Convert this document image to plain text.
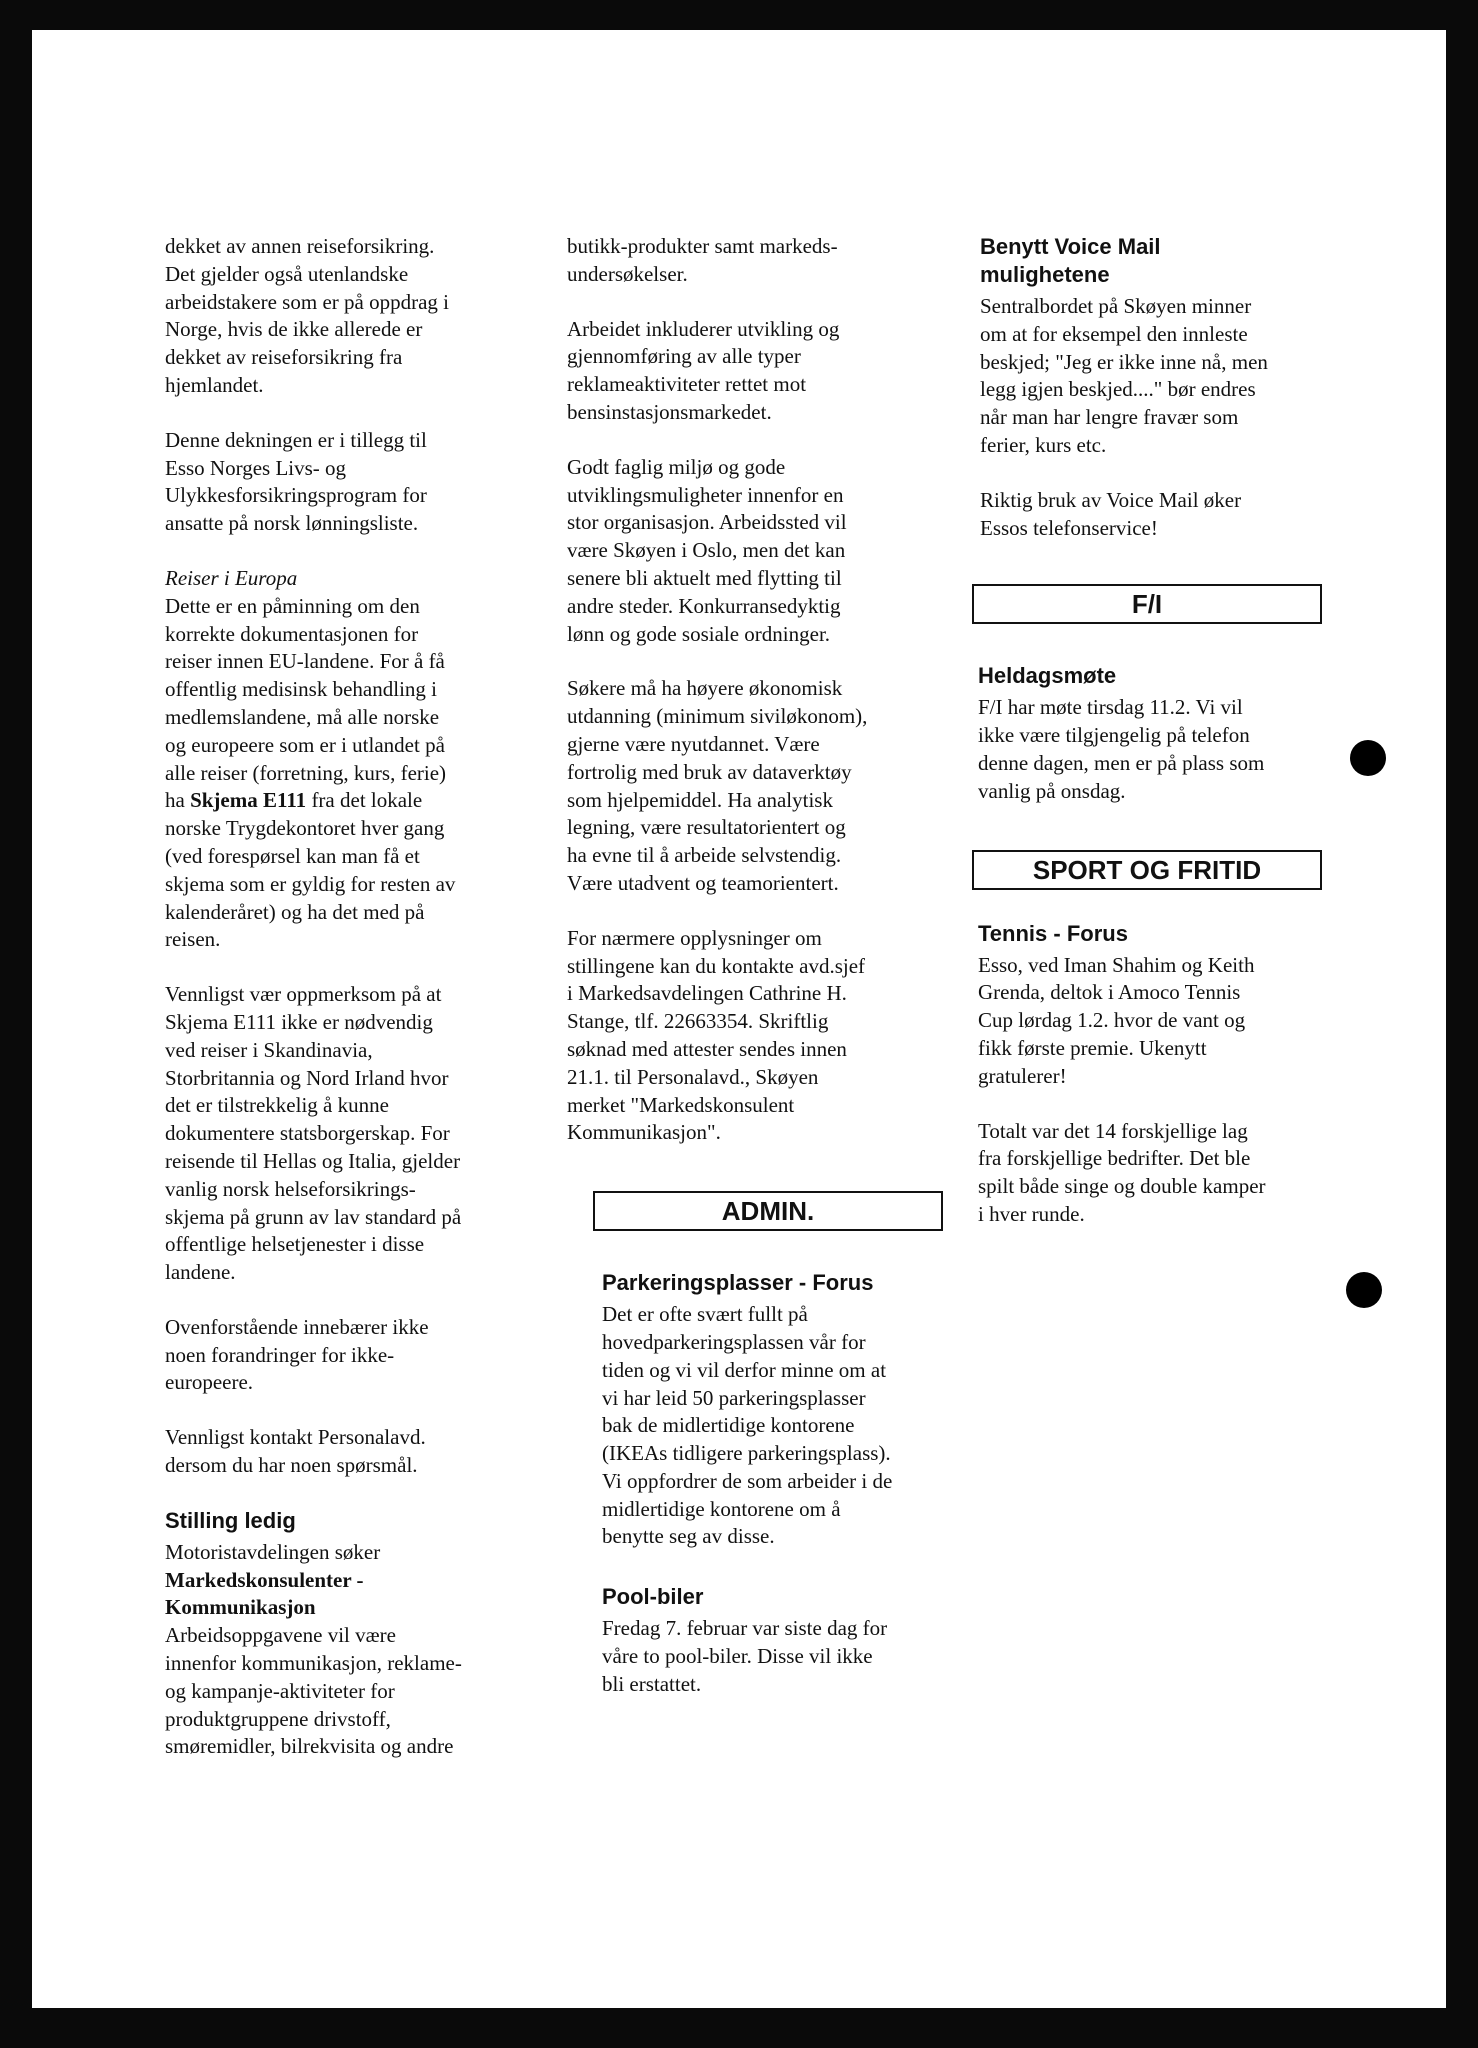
dekket av annen reiseforsikring.
Det gjelder også utenlandske
arbeidstakere som er på oppdrag i
Norge, hvis de ikke allerede er
dekket av reiseforsikring fra
hjemlandet.

Denne dekningen er i tillegg til
Esso Norges Livs- og
Ulykkesforsikringsprogram for
ansatte på norsk lønningsliste.

Reiser i Europa
Dette er en påminning om den
korrekte dokumentasjonen for
reiser innen EU-landene. For å få
offentlig medisinsk behandling i
medlemslandene, må alle norske
og europeere som er i utlandet på
alle reiser (forretning, kurs, ferie)
ha Skjema E111 fra det lokale
norske Trygdekontoret hver gang
(ved forespørsel kan man få et
skjema som er gyldig for resten av
kalenderåret) og ha det med på
reisen.

Vennligst vær oppmerksom på at
Skjema E111 ikke er nødvendig
ved reiser i Skandinavia,
Storbritannia og Nord Irland hvor
det er tilstrekkelig å kunne
dokumentere statsborgerskap. For
reisende til Hellas og Italia, gjelder
vanlig norsk helseforsikrings-
skjema på grunn av lav standard på
offentlige helsetjenester i disse
landene.

Ovenforstående innebærer ikke
noen forandringer for ikke-
europeere.

Vennligst kontakt Personalavd.
dersom du har noen spørsmål.

Stilling ledig
Motoristavdelingen søker
Markedskonsulenter -
Kommunikasjon
Arbeidsoppgavene vil være
innenfor kommunikasjon, reklame-
og kampanje-aktiviteter for
produktgruppene drivstoff,
smøremidler, bilrekvisita og andre

butikk-produkter samt markeds-
undersøkelser.

Arbeidet inkluderer utvikling og
gjennomføring av alle typer
reklameaktiviteter rettet mot
bensinstasjonsmarkedet.

Godt faglig miljø og gode
utviklingsmuligheter innenfor en
stor organisasjon. Arbeidssted vil
være Skøyen i Oslo, men det kan
senere bli aktuelt med flytting til
andre steder. Konkurransedyktig
lønn og gode sosiale ordninger.

Søkere må ha høyere økonomisk
utdanning (minimum siviløkonom),
gjerne være nyutdannet. Være
fortrolig med bruk av dataverktøy
som hjelpemiddel. Ha analytisk
legning, være resultatorientert og
ha evne til å arbeide selvstendig.
Være utadvent og teamorientert.

For nærmere opplysninger om
stillingene kan du kontakte avd.sjef
i Markedsavdelingen Cathrine H.
Stange, tlf. 22663354. Skriftlig
søknad med attester sendes innen
21.1. til Personalavd., Skøyen
merket "Markedskonsulent
Kommunikasjon".

ADMIN.
Parkeringsplasser - Forus

Det er ofte svært fullt på
hovedparkeringsplassen vår for
tiden og vi vil derfor minne om at
vi har leid 50 parkeringsplasser
bak de midlertidige kontorene
(IKEAs tidligere parkeringsplass).
Vi oppfordrer de som arbeider i de
midlertidige kontorene om å
benytte seg av disse.

Pool-biler

Fredag 7. februar var siste dag for
våre to pool-biler. Disse vil ikke
bli erstattet.

Benytt Voice Mail
mulighetene

Sentralbordet på Skøyen minner
om at for eksempel den innleste
beskjed; "Jeg er ikke inne nå, men
legg igjen beskjed...." bør endres
når man har lengre fravær som
ferier, kurs etc.

Riktig bruk av Voice Mail øker
Essos telefonservice!

F/I
Heldagsmøte

F/I har møte tirsdag 11.2. Vi vil
ikke være tilgjengelig på telefon
denne dagen, men er på plass som
vanlig på onsdag.

SPORT OG FRITID
Tennis - Forus

Esso, ved Iman Shahim og Keith
Grenda, deltok i Amoco Tennis
Cup lørdag 1.2. hvor de vant og
fikk første premie. Ukenytt
gratulerer!

Totalt var det 14 forskjellige lag
fra forskjellige bedrifter. Det ble
spilt både singe og double kamper
i hver runde.
